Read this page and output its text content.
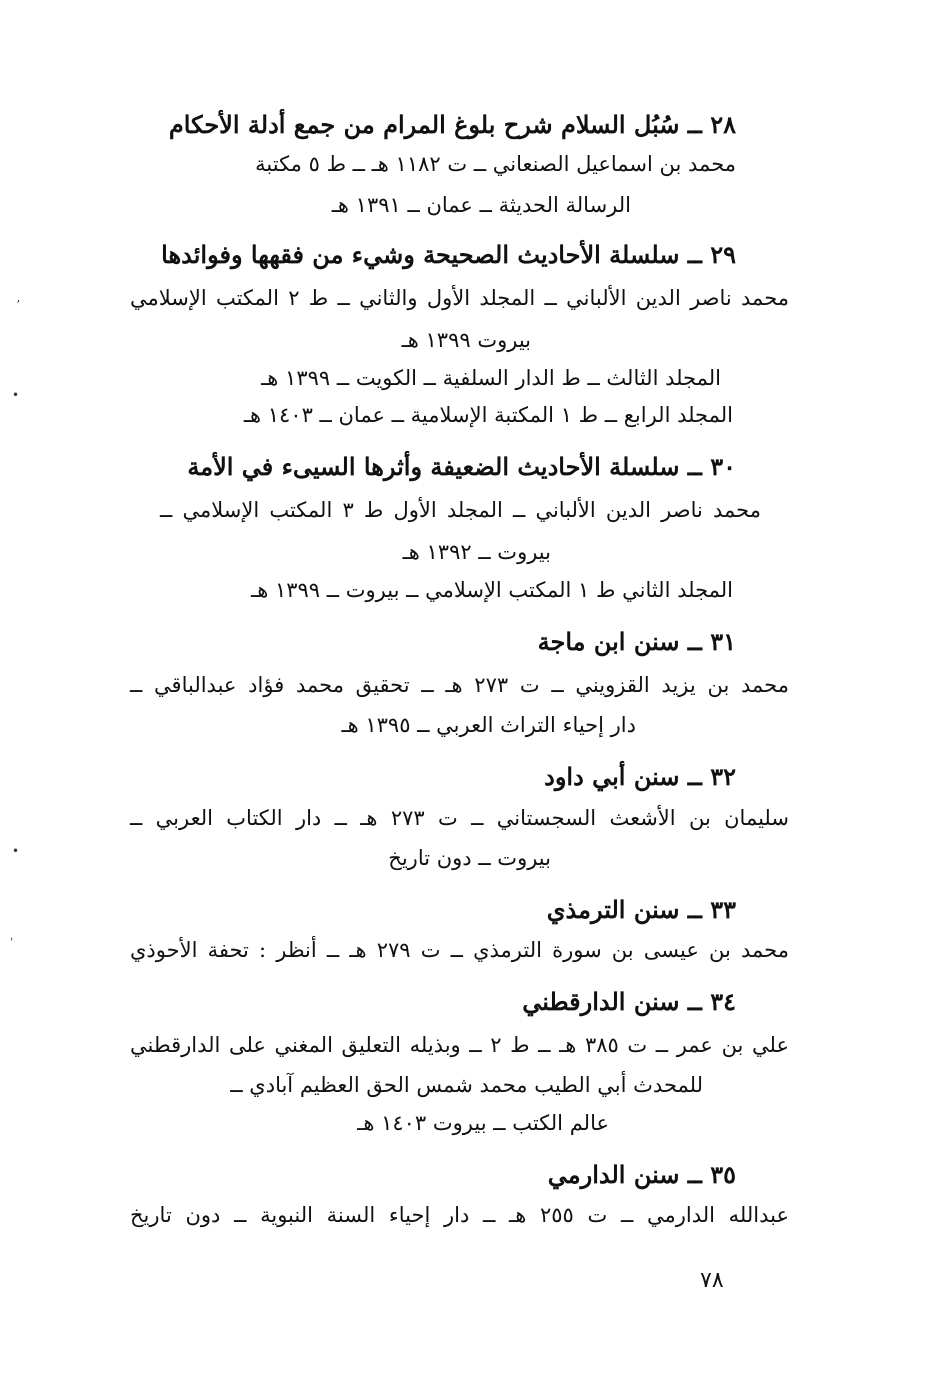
٢٨ ــ سُبُل السلام شرح بلوغ المرام من جمع أدلة الأحكام
محمد بن اسماعيل الصنعاني ــ ت ١١٨٢ هـ ــ ط ٥ مكتبة
الرسالة الحديثة ــ عمان ــ ١٣٩١ هـ
٢٩ ــ سلسلة الأحاديث الصحيحة وشيء من فقهها وفوائدها
محمد ناصر الدين الألباني ــ المجلد الأول والثاني ــ ط ٢ المكتب الإسلامي
بيروت ١٣٩٩ هـ
المجلد الثالث ــ ط الدار السلفية ــ الكويت ــ ١٣٩٩ هـ
المجلد الرابع ــ ط ١ المكتبة الإسلامية ــ عمان ــ ١٤٠٣ هـ
٣٠ ــ سلسلة الأحاديث الضعيفة وأثرها السيىء في الأمة
محمد ناصر الدين الألباني ــ المجلد الأول ط ٣ المكتب الإسلامي ــ
بيروت ــ ١٣٩٢ هـ
المجلد الثاني ط ١ المكتب الإسلامي ــ بيروت ــ ١٣٩٩ هـ
٣١ ــ سنن ابن ماجة
محمد بن يزيد القزويني ــ ت ٢٧٣ هـ ــ تحقيق محمد فؤاد عبدالباقي ــ
دار إحياء التراث العربي ــ ١٣٩٥ هـ
٣٢ ــ سنن أبي داود
سليمان بن الأشعث السجستاني ــ ت ٢٧٣ هـ ــ دار الكتاب العربي ــ
بيروت ــ دون تاريخ
٣٣ ــ سنن الترمذي
محمد بن عيسى بن سورة الترمذي ــ ت ٢٧٩ هـ ــ أنظر : تحفة الأحوذي
٣٤ ــ سنن الدارقطني
علي بن عمر ــ ت ٣٨٥ هـ ــ ط ٢ ــ وبذيله التعليق المغني على الدارقطني
للمحدث أبي الطيب محمد شمس الحق العظيم آبادي ــ
عالم الكتب ــ بيروت ١٤٠٣ هـ
٣٥ ــ سنن الدارمي
عبدالله الدارمي ــ ت ٢٥٥ هـ ــ دار إحياء السنة النبوية ــ دون تاريخ
٧٨
ʼ
•
•
ˈ
